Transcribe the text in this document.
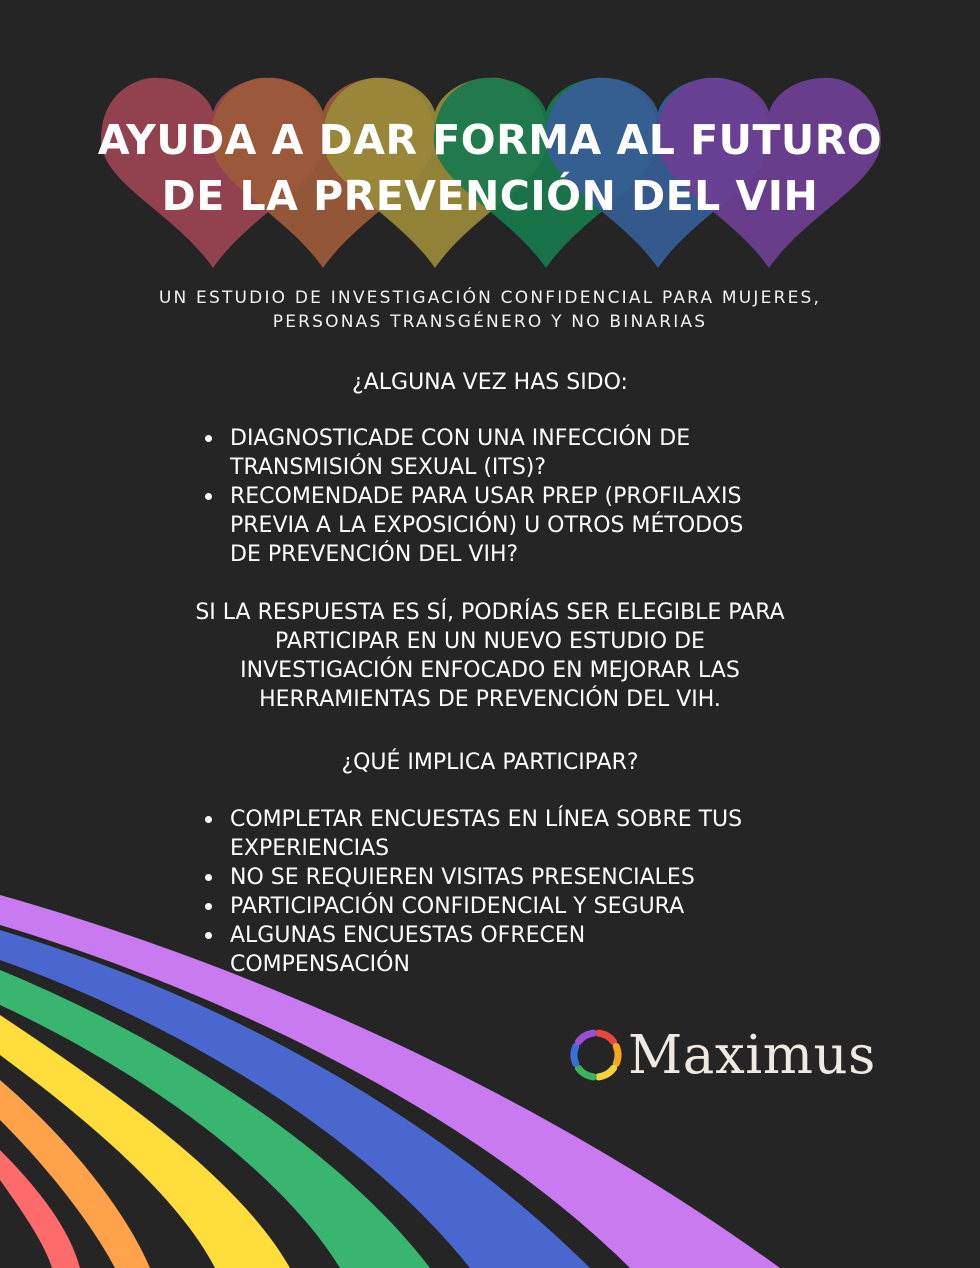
AYUDA A DAR FORMA AL FUTURO
DE LA PREVENCIÓN DEL VIH
UN ESTUDIO DE INVESTIGACIÓN CONFIDENCIAL PARA MUJERES,
PERSONAS TRANSGÉNERO Y NO BINARIAS
¿ALGUNA VEZ HAS SIDO:
DIAGNOSTICADE CON UNA INFECCIÓN DE
TRANSMISIÓN SEXUAL (ITS)?
RECOMENDADE PARA USAR PREP (PROFILAXIS
PREVIA A LA EXPOSICIÓN) U OTROS MÉTODOS
DE PREVENCIÓN DEL VIH?
SI LA RESPUESTA ES SÍ, PODRÍAS SER ELEGIBLE PARA
PARTICIPAR EN UN NUEVO ESTUDIO DE
INVESTIGACIÓN ENFOCADO EN MEJORAR LAS
HERRAMIENTAS DE PREVENCIÓN DEL VIH.
¿QUÉ IMPLICA PARTICIPAR?
COMPLETAR ENCUESTAS EN LÍNEA SOBRE TUS
EXPERIENCIAS
NO SE REQUIEREN VISITAS PRESENCIALES
PARTICIPACIÓN CONFIDENCIAL Y SEGURA
ALGUNAS ENCUESTAS OFRECEN
COMPENSACIÓN
Maximus
